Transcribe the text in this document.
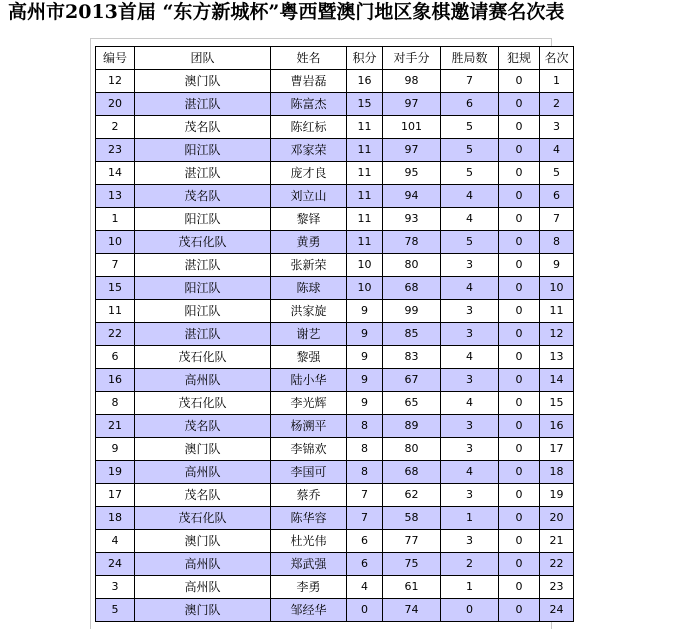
高州市2013首届 “东方新城杯”粤西暨澳门地区象棋邀请赛名次表
编号	团队	姓名	积分	对手分	胜局数	犯规	名次
12	澳门队	曹岩磊	16	98	7	0	1
20	湛江队	陈富杰	15	97	6	0	2
2	茂名队	陈红标	11	101	5	0	3
23	阳江队	邓家荣	11	97	5	0	4
14	湛江队	庞才良	11	95	5	0	5
13	茂名队	刘立山	11	94	4	0	6
1	阳江队	黎铎	11	93	4	0	7
10	茂石化队	黄勇	11	78	5	0	8
7	湛江队	张新荣	10	80	3	0	9
15	阳江队	陈球	10	68	4	0	10
11	阳江队	洪家旋	9	99	3	0	11
22	湛江队	谢艺	9	85	3	0	12
6	茂石化队	黎强	9	83	4	0	13
16	高州队	陆小华	9	67	3	0	14
8	茂石化队	李光辉	9	65	4	0	15
21	茂名队	杨溯平	8	89	3	0	16
9	澳门队	李锦欢	8	80	3	0	17
19	高州队	李国可	8	68	4	0	18
17	茂名队	蔡乔	7	62	3	0	19
18	茂石化队	陈华容	7	58	1	0	20
4	澳门队	杜光伟	6	77	3	0	21
24	高州队	郑武强	6	75	2	0	22
3	高州队	李勇	4	61	1	0	23
5	澳门队	邹经华	0	74	0	0	24
